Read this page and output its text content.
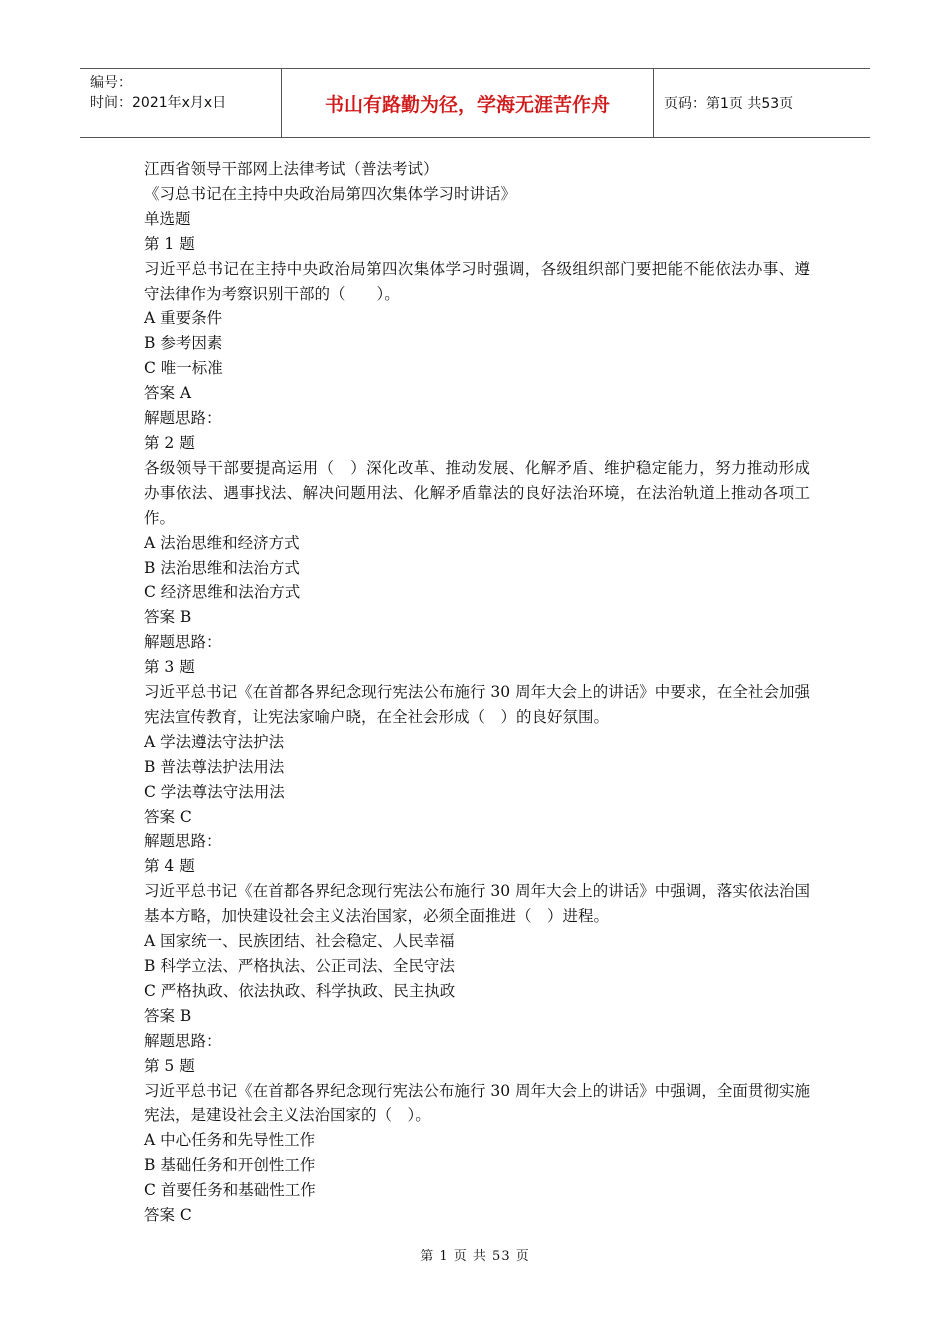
编号：
时间：2021年x月x日	书山有路勤为径，学海无涯苦作舟	页码：第1页 共53页
江西省领导干部网上法律考试（普法考试）
《习总书记在主持中央政治局第四次集体学习时讲话》
单选题
第 1 题
习近平总书记在主持中央政治局第四次集体学习时强调，各级组织部门要把能不能依法办事、遵守法律作为考察识别干部的（　　）。
A 重要条件
B 参考因素
C 唯一标准
答案 A
解题思路：
第 2 题
各级领导干部要提高运用（　）深化改革、推动发展、化解矛盾、维护稳定能力，努力推动形成办事依法、遇事找法、解决问题用法、化解矛盾靠法的良好法治环境，在法治轨道上推动各项工作。
A 法治思维和经济方式
B 法治思维和法治方式
C 经济思维和法治方式
答案 B
解题思路：
第 3 题
习近平总书记《在首都各界纪念现行宪法公布施行 30 周年大会上的讲话》中要求，在全社会加强宪法宣传教育，让宪法家喻户晓，在全社会形成（　）的良好氛围。
A 学法遵法守法护法
B 普法尊法护法用法
C 学法尊法守法用法
答案 C
解题思路：
第 4 题
习近平总书记《在首都各界纪念现行宪法公布施行 30 周年大会上的讲话》中强调，落实依法治国基本方略，加快建设社会主义法治国家，必须全面推进（　）进程。
A 国家统一、民族团结、社会稳定、人民幸福
B 科学立法、严格执法、公正司法、全民守法
C 严格执政、依法执政、科学执政、民主执政
答案 B
解题思路：
第 5 题
习近平总书记《在首都各界纪念现行宪法公布施行 30 周年大会上的讲话》中强调，全面贯彻实施宪法，是建设社会主义法治国家的（　）。
A 中心任务和先导性工作
B 基础任务和开创性工作
C 首要任务和基础性工作
答案 C
第 1 页 共 53 页
